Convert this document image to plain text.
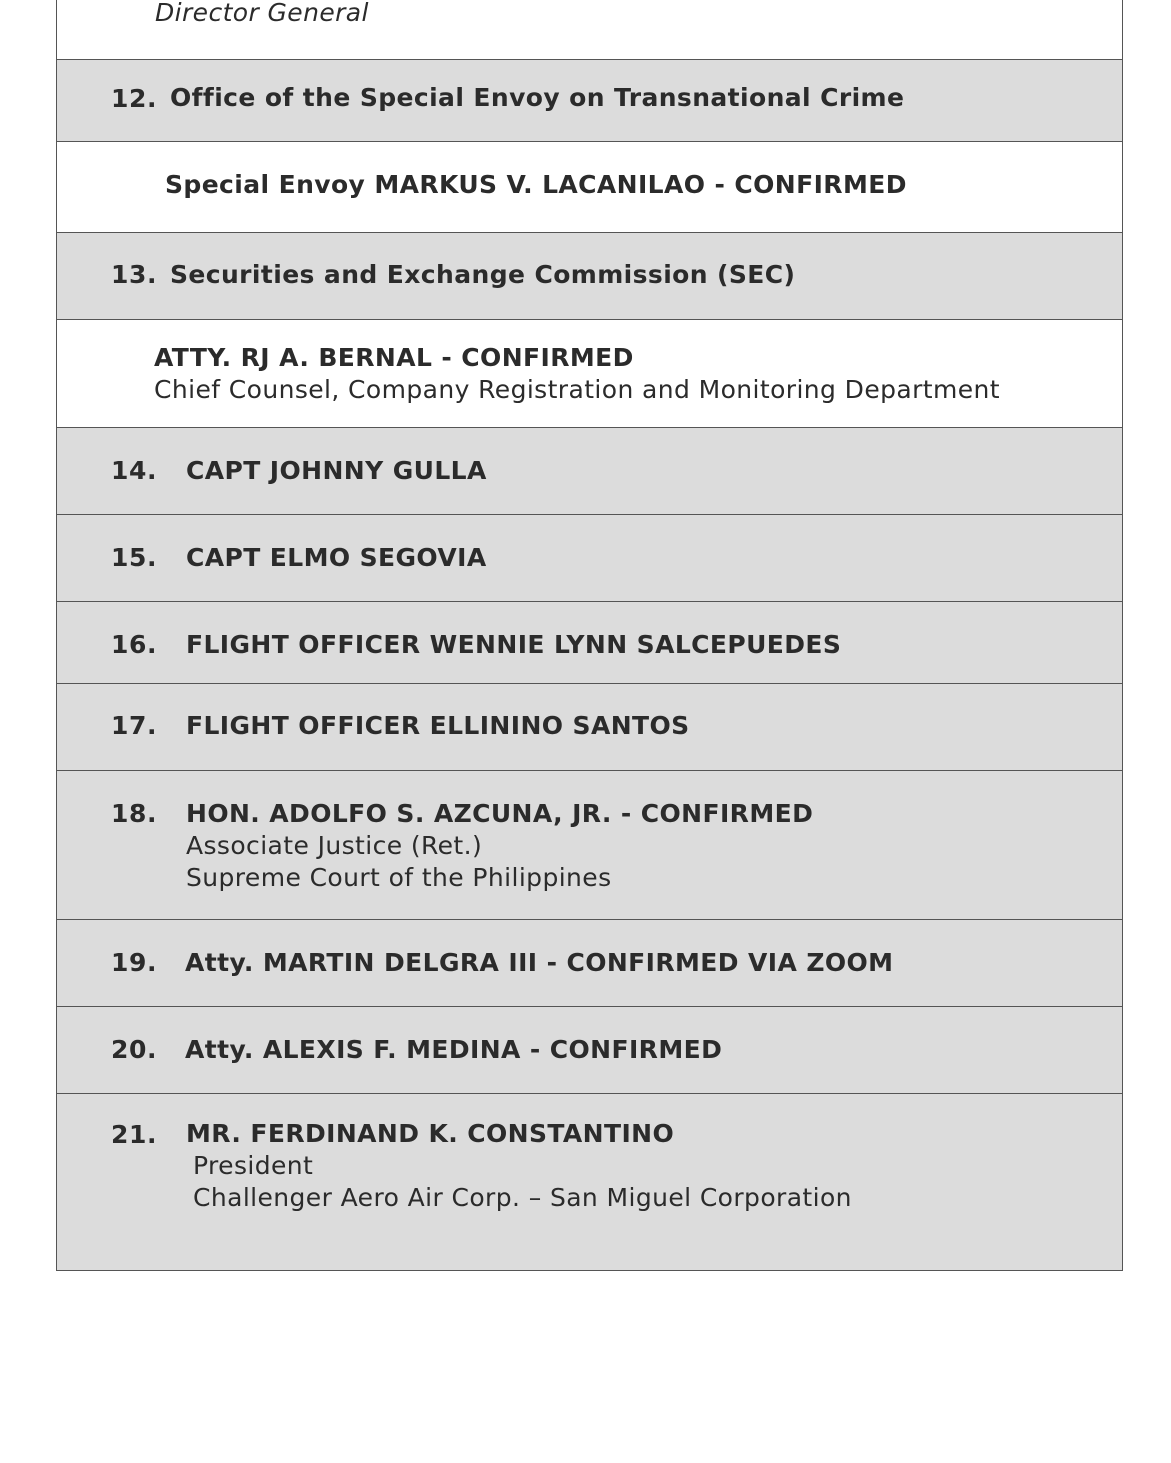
Director General
12. Office of the Special Envoy on Transnational Crime
Special Envoy MARKUS V. LACANILAO - CONFIRMED
13. Securities and Exchange Commission (SEC)
ATTY. RJ A. BERNAL - CONFIRMED
Chief Counsel, Company Registration and Monitoring Department
14. CAPT JOHNNY GULLA
15. CAPT ELMO SEGOVIA
16. FLIGHT OFFICER WENNIE LYNN SALCEPUEDES
17. FLIGHT OFFICER ELLININO SANTOS
18. HON. ADOLFO S. AZCUNA, JR. - CONFIRMED
Associate Justice (Ret.)
Supreme Court of the Philippines
19. Atty. MARTIN DELGRA III - CONFIRMED VIA ZOOM
20. Atty. ALEXIS F. MEDINA - CONFIRMED
21. MR. FERDINAND K. CONSTANTINO
President
Challenger Aero Air Corp. – San Miguel Corporation
